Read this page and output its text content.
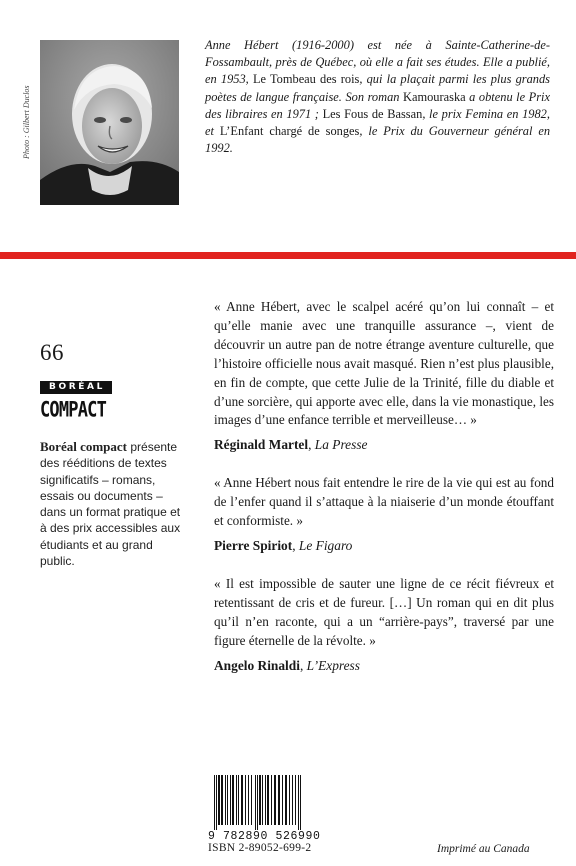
Photo : Gilbert Duclos

Anne Hébert (1916-2000) est née à Sainte-Catherine-de-Fossambault, près de Québec, où elle a fait ses études. Elle a publié, en 1953, Le Tombeau des rois, qui la plaçait parmi les plus grands poètes de langue française. Son roman Kamouraska a obtenu le Prix des libraires en 1971 ; Les Fous de Bassan, le prix Femina en 1982, et L’Enfant chargé de songes, le Prix du Gouverneur général en 1992.

66
BORÉAL
COMPACT
Boréal compact présente des rééditions de textes significatifs – romans, essais ou documents – dans un format pratique et à des prix accessibles aux étudiants et au grand public.

« Anne Hébert, avec le scalpel acéré qu’on lui connaît – et qu’elle manie avec une tranquille assurance –, vient de découvrir un autre pan de notre étrange aventure culturelle, que l’histoire officielle nous avait masqué. Rien n’est plus plausible, en fin de compte, que cette Julie de la Trinité, fille du diable et d’une sorcière, qui apporte avec elle, dans la vie monastique, les images d’une enfance terrible et merveilleuse… »

Réginald Martel, La Presse

« Anne Hébert nous fait entendre le rire de la vie qui est au fond de l’enfer quand il s’attaque à la niaiserie d’un monde étouffant et conformiste. »

Pierre Spiriot, Le Figaro

« Il est impossible de sauter une ligne de ce récit fiévreux et retentissant de cris et de fureur. […] Un roman qui en dit plus qu’il n’en raconte, qui a un “arrière-pays”, traversé par une figure éternelle de la révolte. »

Angelo Rinaldi, L’Express

9 782890 526990
ISBN 2-89052-699-2	Imprimé au Canada
